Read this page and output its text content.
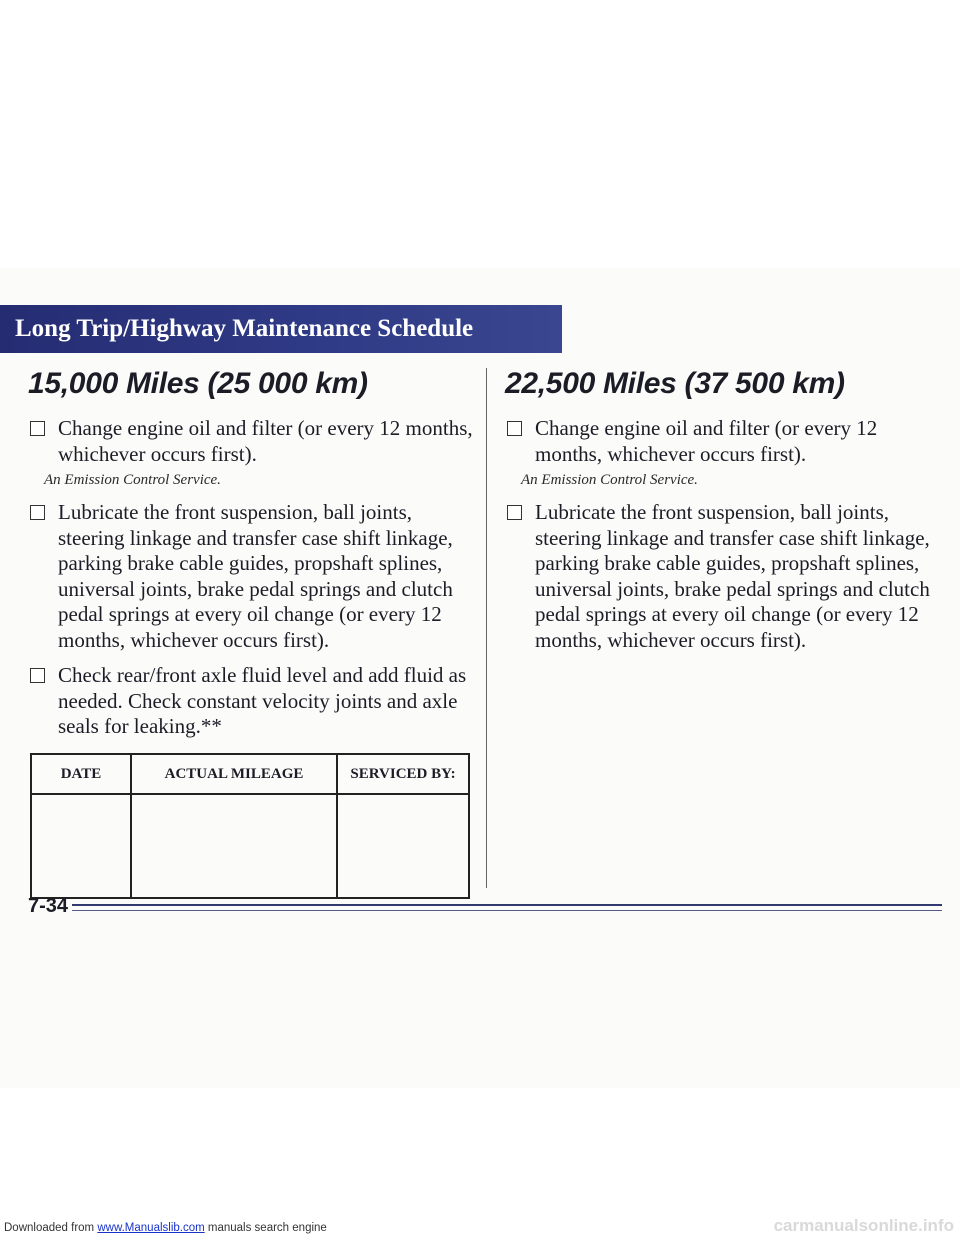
Long Trip/Highway Maintenance Schedule
15,000 Miles (25 000 km)
Change engine oil and filter (or every 12 months, whichever occurs first).
An Emission Control Service.
Lubricate the front suspension, ball joints, steering linkage and transfer case shift linkage, parking brake cable guides, propshaft splines, universal joints, brake pedal springs and clutch pedal springs at every oil change (or every 12 months, whichever occurs first).
Check rear/front axle fluid level and add fluid as needed. Check constant velocity joints and axle seals for leaking.**
22,500 Miles (37 500 km)
Change engine oil and filter (or every 12 months, whichever occurs first).
An Emission Control Service.
Lubricate the front suspension, ball joints, steering linkage and transfer case shift linkage, parking brake cable guides, propshaft splines, universal joints, brake pedal springs and clutch pedal springs at every oil change (or every 12 months, whichever occurs first).
DATE	ACTUAL MILEAGE	SERVICED BY:

7-34
Downloaded from www.Manualslib.com manuals search engine	carmanualsonline.info
